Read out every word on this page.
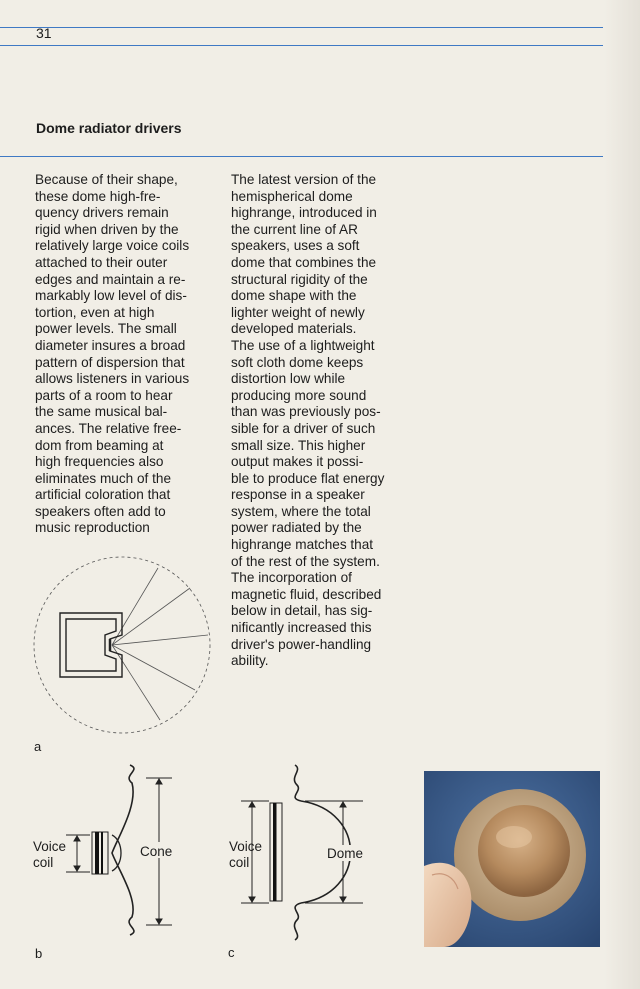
31
Dome radiator drivers
Because of their shape,
these dome high-fre-
quency drivers remain
rigid when driven by the
relatively large voice coils
attached to their outer
edges and maintain a re-
markably low level of dis-
tortion, even at high
power levels. The small
diameter insures a broad
pattern of dispersion that
allows listeners in various
parts of a room to hear
the same musical bal-
ances. The relative free-
dom from beaming at
high frequencies also
eliminates much of the
artificial coloration that
speakers often add to
music reproduction
The latest version of the
hemispherical dome
highrange, introduced in
the current line of AR
speakers, uses a soft
dome that combines the
structural rigidity of the
dome shape with the
lighter weight of newly
developed materials.
The use of a lightweight
soft cloth dome keeps
distortion low while
producing more sound
than was previously pos-
sible for a driver of such
small size. This higher
output makes it possi-
ble to produce flat energy
response in a speaker
system, where the total
power radiated by the
highrange matches that
of the rest of the system.
The incorporation of
magnetic fluid, described
below in detail, has sig-
nificantly increased this
driver's power-handling
ability.
a
Voice
coil
Cone
b
Voice
coil
Dome
c
